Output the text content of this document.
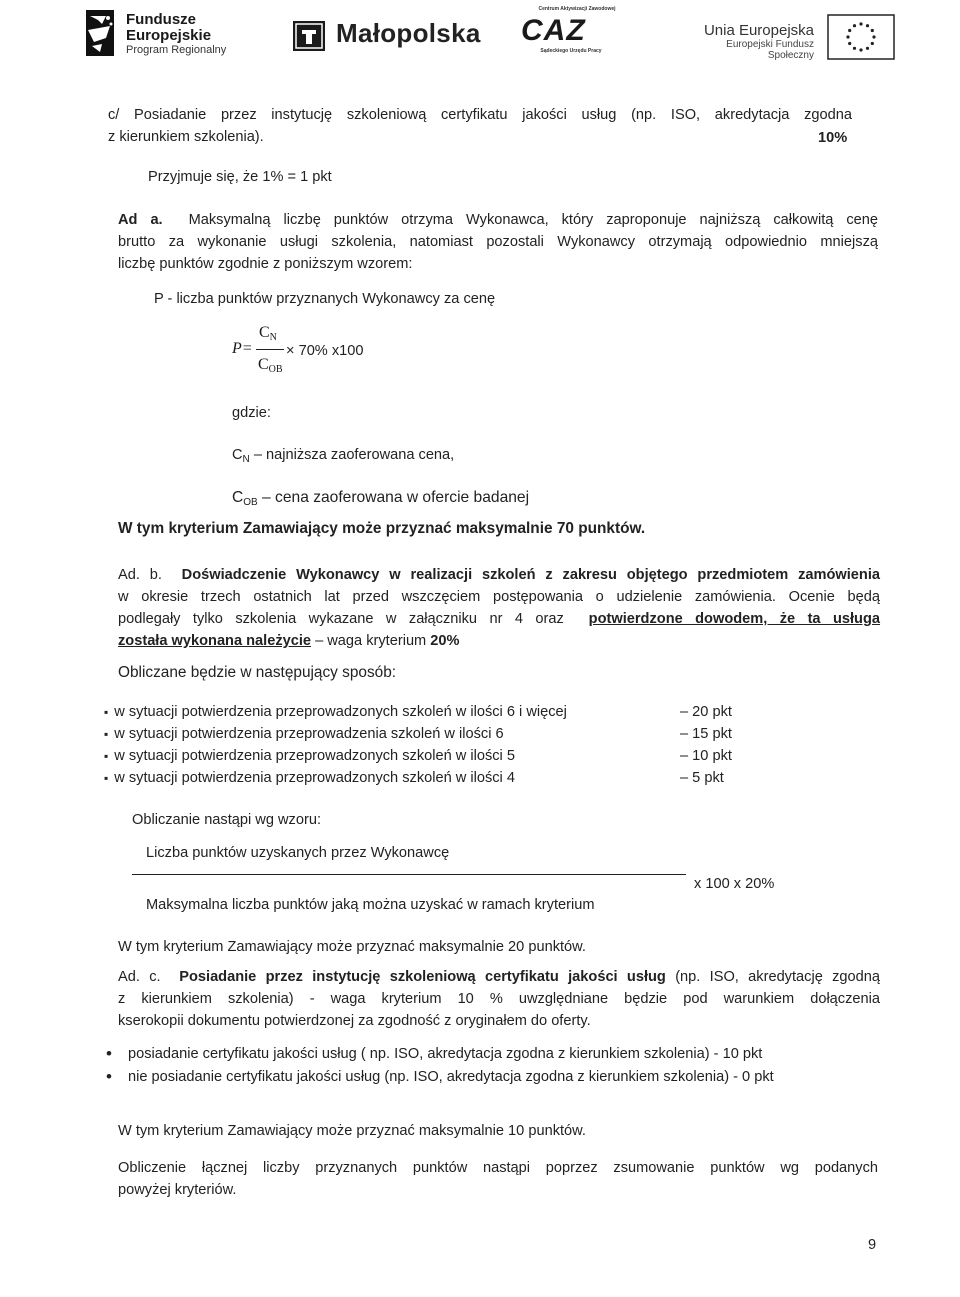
Fundusze
Europejskie
Program Regionalny
Małopolska
Centrum Aktywizacji Zawodowej
CAZ
Sądeckiego Urzędu Pracy
Unia Europejska
Europejski Fundusz Społeczny
c/ Posiadanie przez instytucję szkoleniową certyfikatu jakości usług (np. ISO, akredytacja zgodna
z kierunkiem szkolenia).	10%
Przyjmuje się, że 1% = 1 pkt
Ad a. Maksymalną liczbę punktów otrzyma Wykonawca, który zaproponuje najniższą całkowitą cenę
brutto za wykonanie usługi szkolenia, natomiast pozostali Wykonawcy otrzymają odpowiednio mniejszą
liczbę punktów zgodnie z poniższym wzorem:
P - liczba punktów przyznanych Wykonawcy za cenę
P=
$C_N$
$C_{OB}$
× 70% x100
gdzie:
$C_N$ – najniższa zaoferowana cena,
$C_{OB}$ – cena zaoferowana w ofercie badanej
W tym kryterium Zamawiający może przyznać maksymalnie 70 punktów.
Ad. b. Doświadczenie Wykonawcy w realizacji szkoleń z zakresu objętego przedmiotem zamówienia
w okresie trzech ostatnich lat przed wszczęciem postępowania o udzielenie zamówienia. Ocenie będą
podlegały tylko szkolenia wykazane w załączniku nr 4 oraz potwierdzone dowodem, że ta usługa
została wykonana należycie – waga kryterium 20%
Obliczane będzie w następujący sposób:
▪ w sytuacji potwierdzenia przeprowadzonych szkoleń w ilości 6 i więcej	– 20 pkt
▪ w sytuacji potwierdzenia przeprowadzenia szkoleń w ilości 6	– 15 pkt
▪ w sytuacji potwierdzenia przeprowadzonych szkoleń w ilości 5	– 10 pkt
▪ w sytuacji potwierdzenia przeprowadzonych szkoleń w ilości 4	– 5 pkt
Obliczanie nastąpi wg wzoru:
Liczba punktów uzyskanych przez Wykonawcę
x 100 x 20%
Maksymalna liczba punktów jaką można uzyskać w ramach kryterium
W tym kryterium Zamawiający może przyznać maksymalnie 20 punktów.
Ad. c. Posiadanie przez instytucję szkoleniową certyfikatu jakości usług (np. ISO, akredytację zgodną
z kierunkiem szkolenia) - waga kryterium 10 % uwzględniane będzie pod warunkiem dołączenia
kserokopii dokumentu potwierdzonej za zgodność z oryginałem do oferty.
• posiadanie certyfikatu jakości usług ( np. ISO, akredytacja zgodna z kierunkiem szkolenia) - 10 pkt
• nie posiadanie certyfikatu jakości usług (np. ISO, akredytacja zgodna z kierunkiem szkolenia) - 0 pkt
W tym kryterium Zamawiający może przyznać maksymalnie 10 punktów.
Obliczenie łącznej liczby przyznanych punktów nastąpi poprzez zsumowanie punktów wg podanych
powyżej kryteriów.
9
